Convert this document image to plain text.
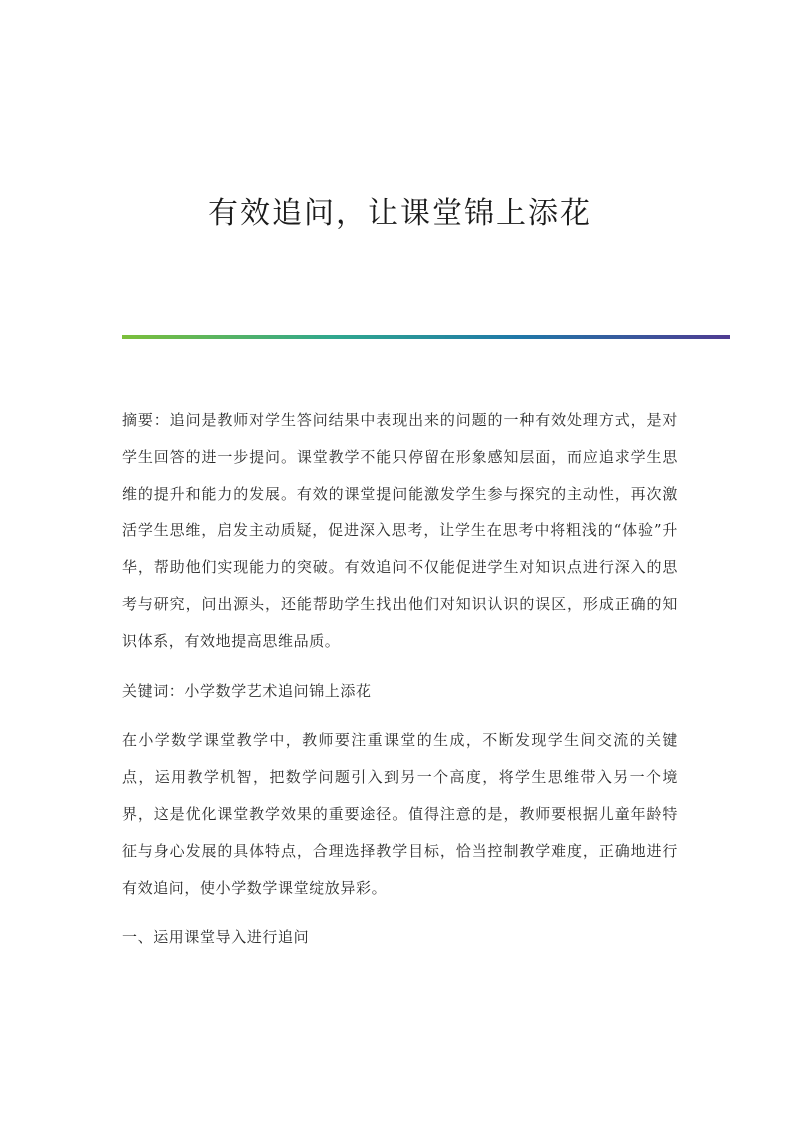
有效追问，让课堂锦上添花

摘要：追问是教师对学生答问结果中表现出来的问题的一种有效处理方式，是对学生回答的进一步提问。课堂教学不能只停留在形象感知层面，而应追求学生思维的提升和能力的发展。有效的课堂提问能激发学生参与探究的主动性，再次激活学生思维，启发主动质疑，促进深入思考，让学生在思考中将粗浅的“体验”升华，帮助他们实现能力的突破。有效追问不仅能促进学生对知识点进行深入的思考与研究，问出源头，还能帮助学生找出他们对知识认识的误区，形成正确的知识体系，有效地提高思维品质。

关键词：小学数学艺术追问锦上添花

在小学数学课堂教学中，教师要注重课堂的生成，不断发现学生间交流的关键点，运用教学机智，把数学问题引入到另一个高度，将学生思维带入另一个境界，这是优化课堂教学效果的重要途径。值得注意的是，教师要根据儿童年龄特征与身心发展的具体特点，合理选择教学目标，恰当控制教学难度，正确地进行有效追问，使小学数学课堂绽放异彩。

一、运用课堂导入进行追问
